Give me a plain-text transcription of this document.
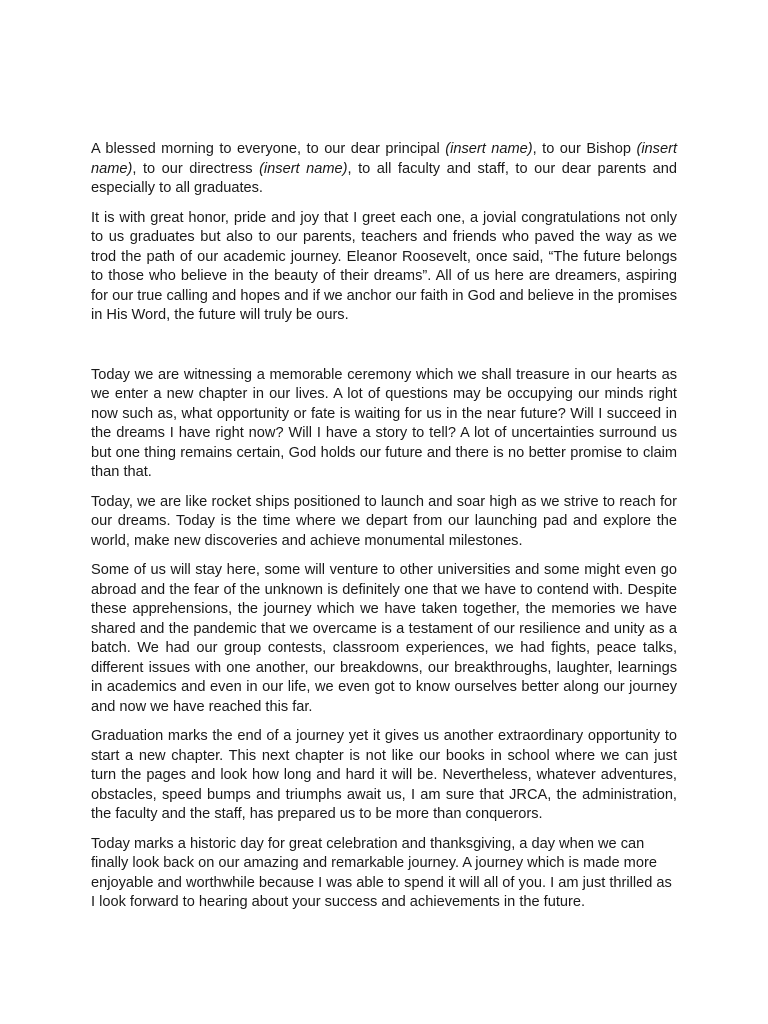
A blessed morning to everyone, to our dear principal (insert name), to our Bishop (insert name), to our directress (insert name), to all faculty and staff, to our dear parents and especially to all graduates.

It is with great honor, pride and joy that I greet each one, a jovial congratulations not only to us graduates but also to our parents, teachers and friends who paved the way as we trod the path of our academic journey. Eleanor Roosevelt, once said, “The future belongs to those who believe in the beauty of their dreams”. All of us here are dreamers, aspiring for our true calling and hopes and if we anchor our faith in God and believe in the promises in His Word, the future will truly be ours.

Today we are witnessing a memorable ceremony which we shall treasure in our hearts as we enter a new chapter in our lives. A lot of questions may be occupying our minds right now such as, what opportunity or fate is waiting for us in the near future? Will I succeed in the dreams I have right now? Will I have a story to tell? A lot of uncertainties surround us but one thing remains certain, God holds our future and there is no better promise to claim than that.

Today, we are like rocket ships positioned to launch and soar high as we strive to reach for our dreams. Today is the time where we depart from our launching pad and explore the world, make new discoveries and achieve monumental milestones.

Some of us will stay here, some will venture to other universities and some might even go abroad and the fear of the unknown is definitely one that we have to contend with. Despite these apprehensions, the journey which we have taken together, the memories we have shared and the pandemic that we overcame is a testament of our resilience and unity as a batch. We had our group contests, classroom experiences, we had fights, peace talks, different issues with one another, our breakdowns, our breakthroughs, laughter, learnings in academics and even in our life, we even got to know ourselves better along our journey and now we have reached this far.

Graduation marks the end of a journey yet it gives us another extraordinary opportunity to start a new chapter. This next chapter is not like our books in school where we can just turn the pages and look how long and hard it will be. Nevertheless, whatever adventures, obstacles, speed bumps and triumphs await us, I am sure that JRCA, the administration, the faculty and the staff, has prepared us to be more than conquerors.

Today marks a historic day for great celebration and thanksgiving, a day when we can finally look back on our amazing and remarkable journey. A journey which is made more enjoyable and worthwhile because I was able to spend it will all of you. I am just thrilled as I look forward to hearing about your success and achievements in the future.
